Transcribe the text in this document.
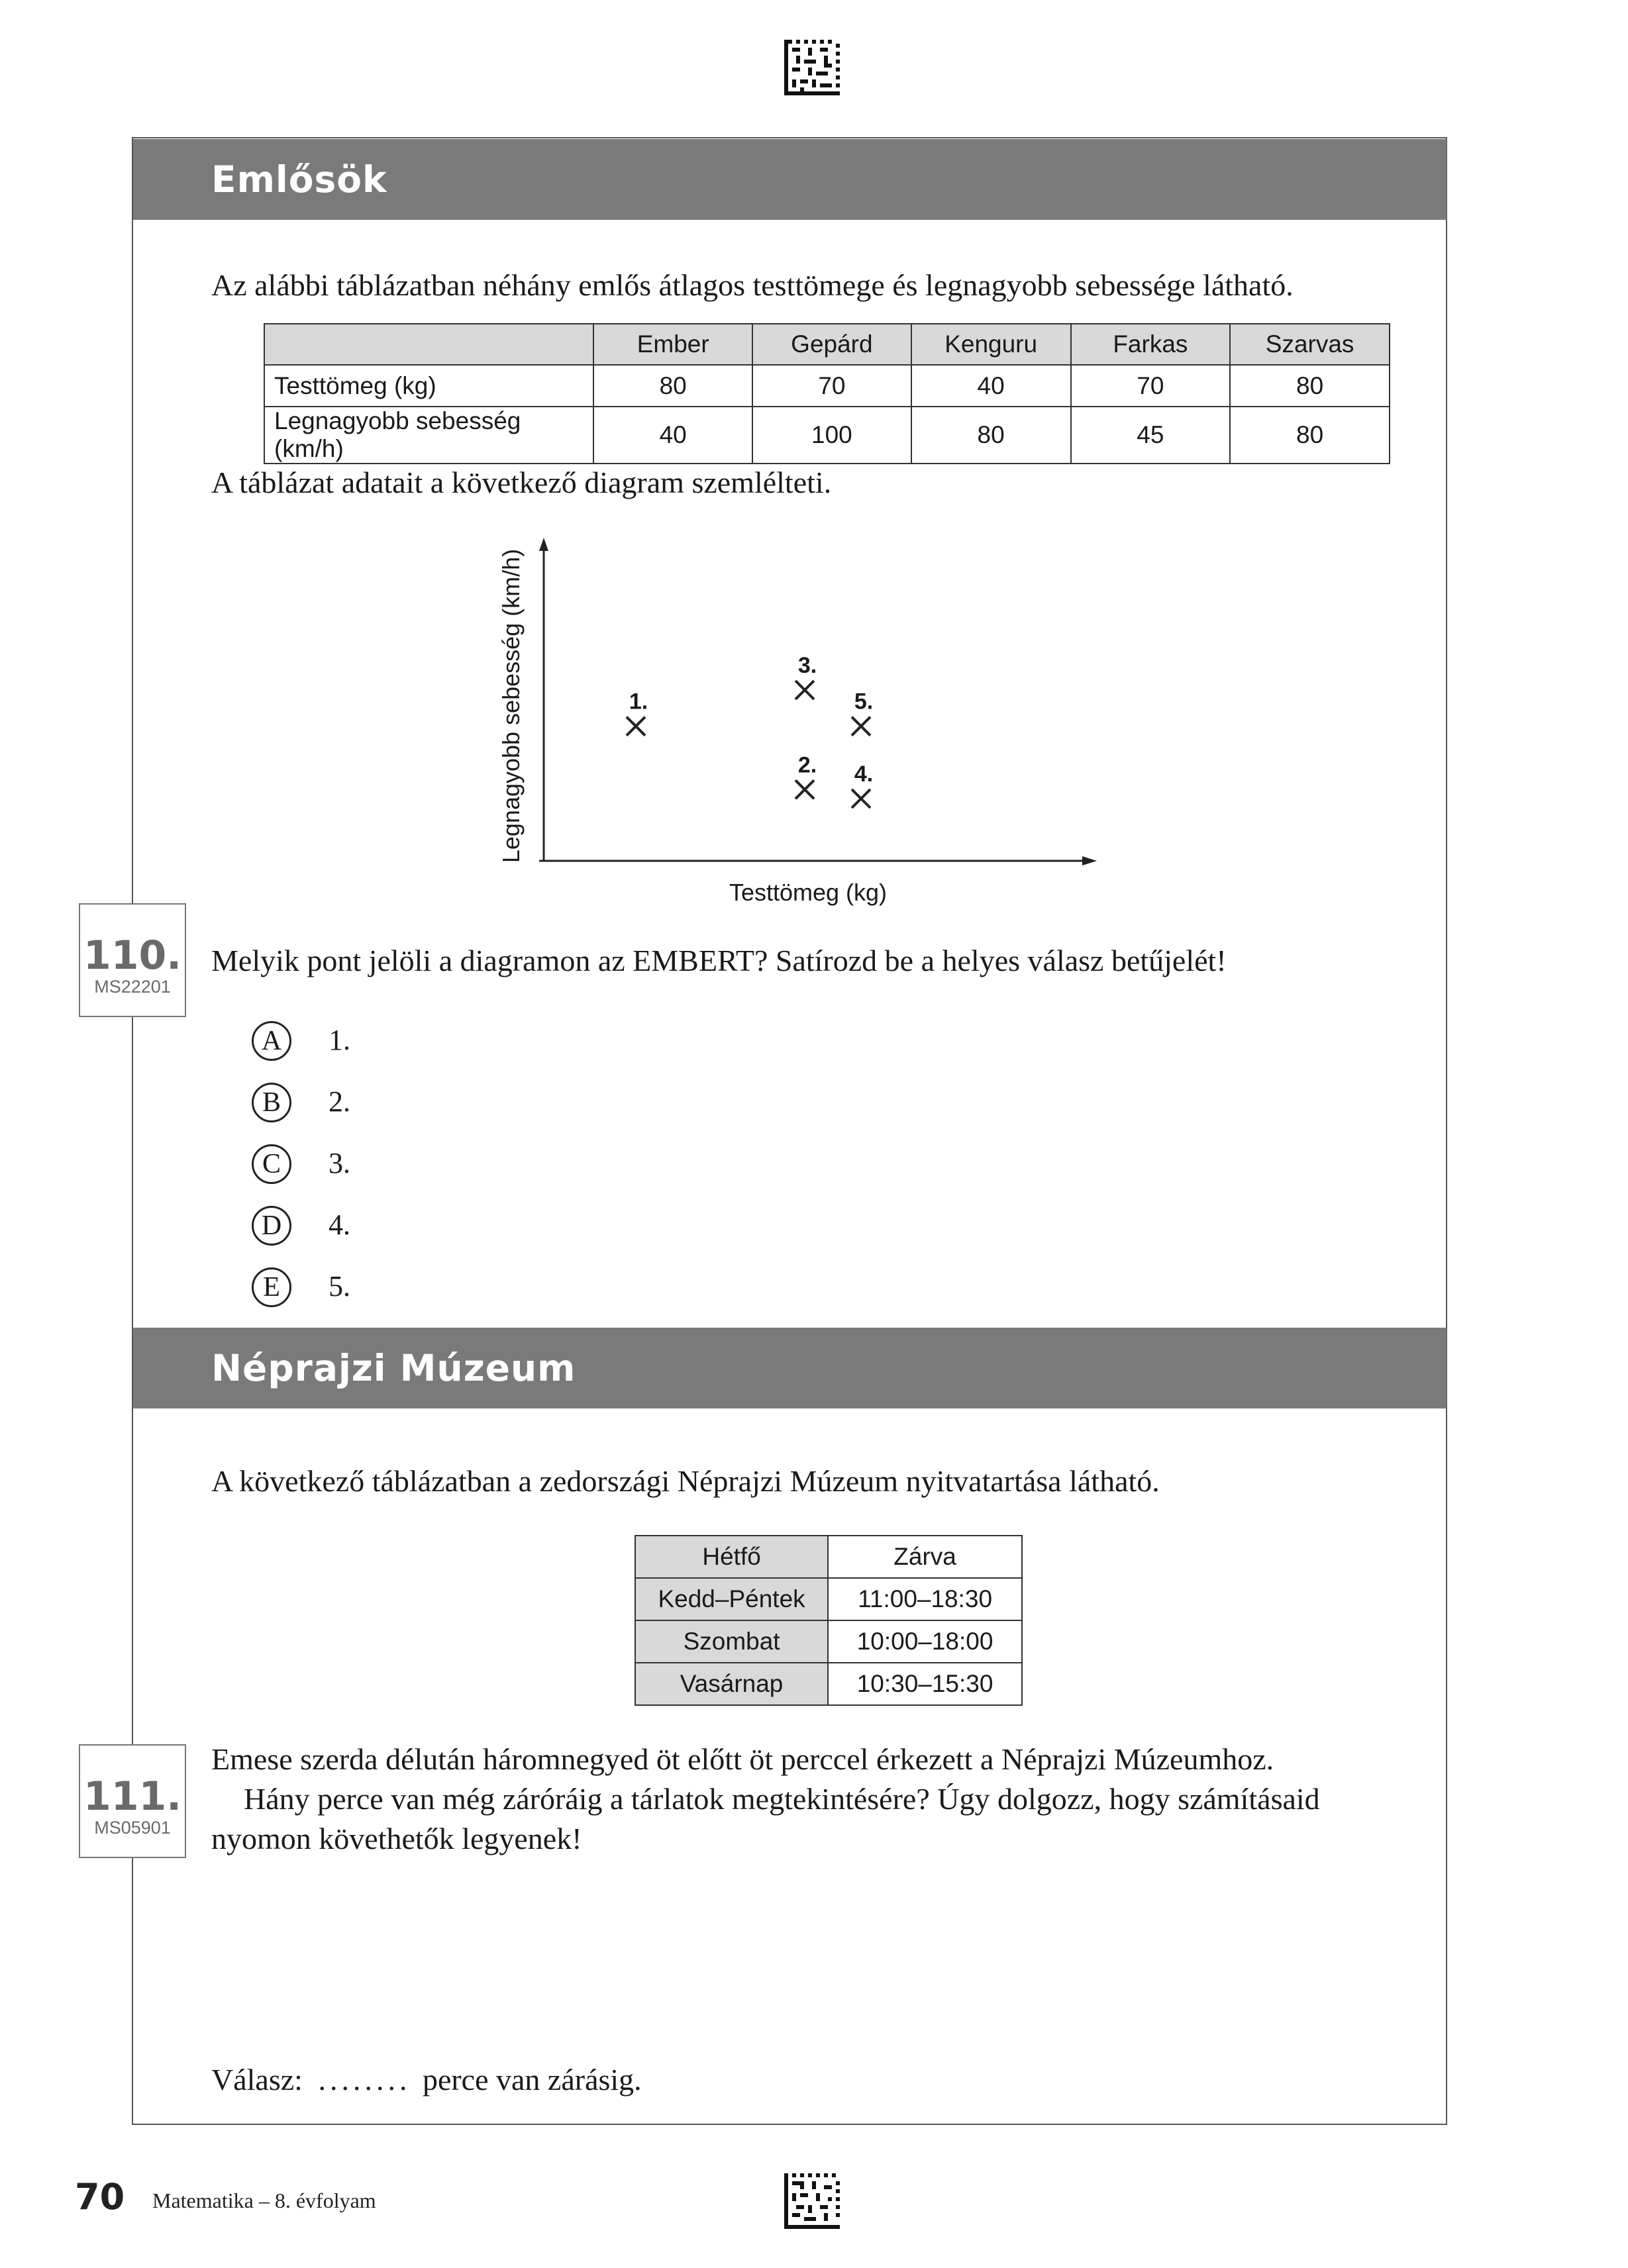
Emlősök
Az alábbi táblázatban néhány emlős átlagos testtömege és legnagyobb sebessége látható.
	Ember	Gepárd	Kenguru	Farkas	Szarvas
Testtömeg (kg)	80	70	40	70	80
Legnagyobb sebesség (km/h)	40	100	80	45	80
A táblázat adatait a következő diagram szemlélteti.
Legnagyobb sebesség (km/h)
Testtömeg (kg)
1.
2.
3.
4.
5.
110.
MS22201
Melyik pont jelöli a diagramon az EMBERT? Satírozd be a helyes válasz betűjelét!
A	1.
B	2.
C	3.
D	4.
E	5.
Néprajzi Múzeum
A következő táblázatban a zedországi Néprajzi Múzeum nyitvatartása látható.
Hétfő	Zárva
Kedd–Péntek	11:00–18:30
Szombat	10:00–18:00
Vasárnap	10:30–15:30
111.
MS05901
Emese szerda délután háromnegyed öt előtt öt perccel érkezett a Néprajzi Múzeumhoz.
Hány perce van még záróráig a tárlatok megtekintésére? Úgy dolgozz, hogy számításaid
nyomon követhetők legyenek!
Válasz: ........ perce van zárásig.
70 Matematika – 8. évfolyam
